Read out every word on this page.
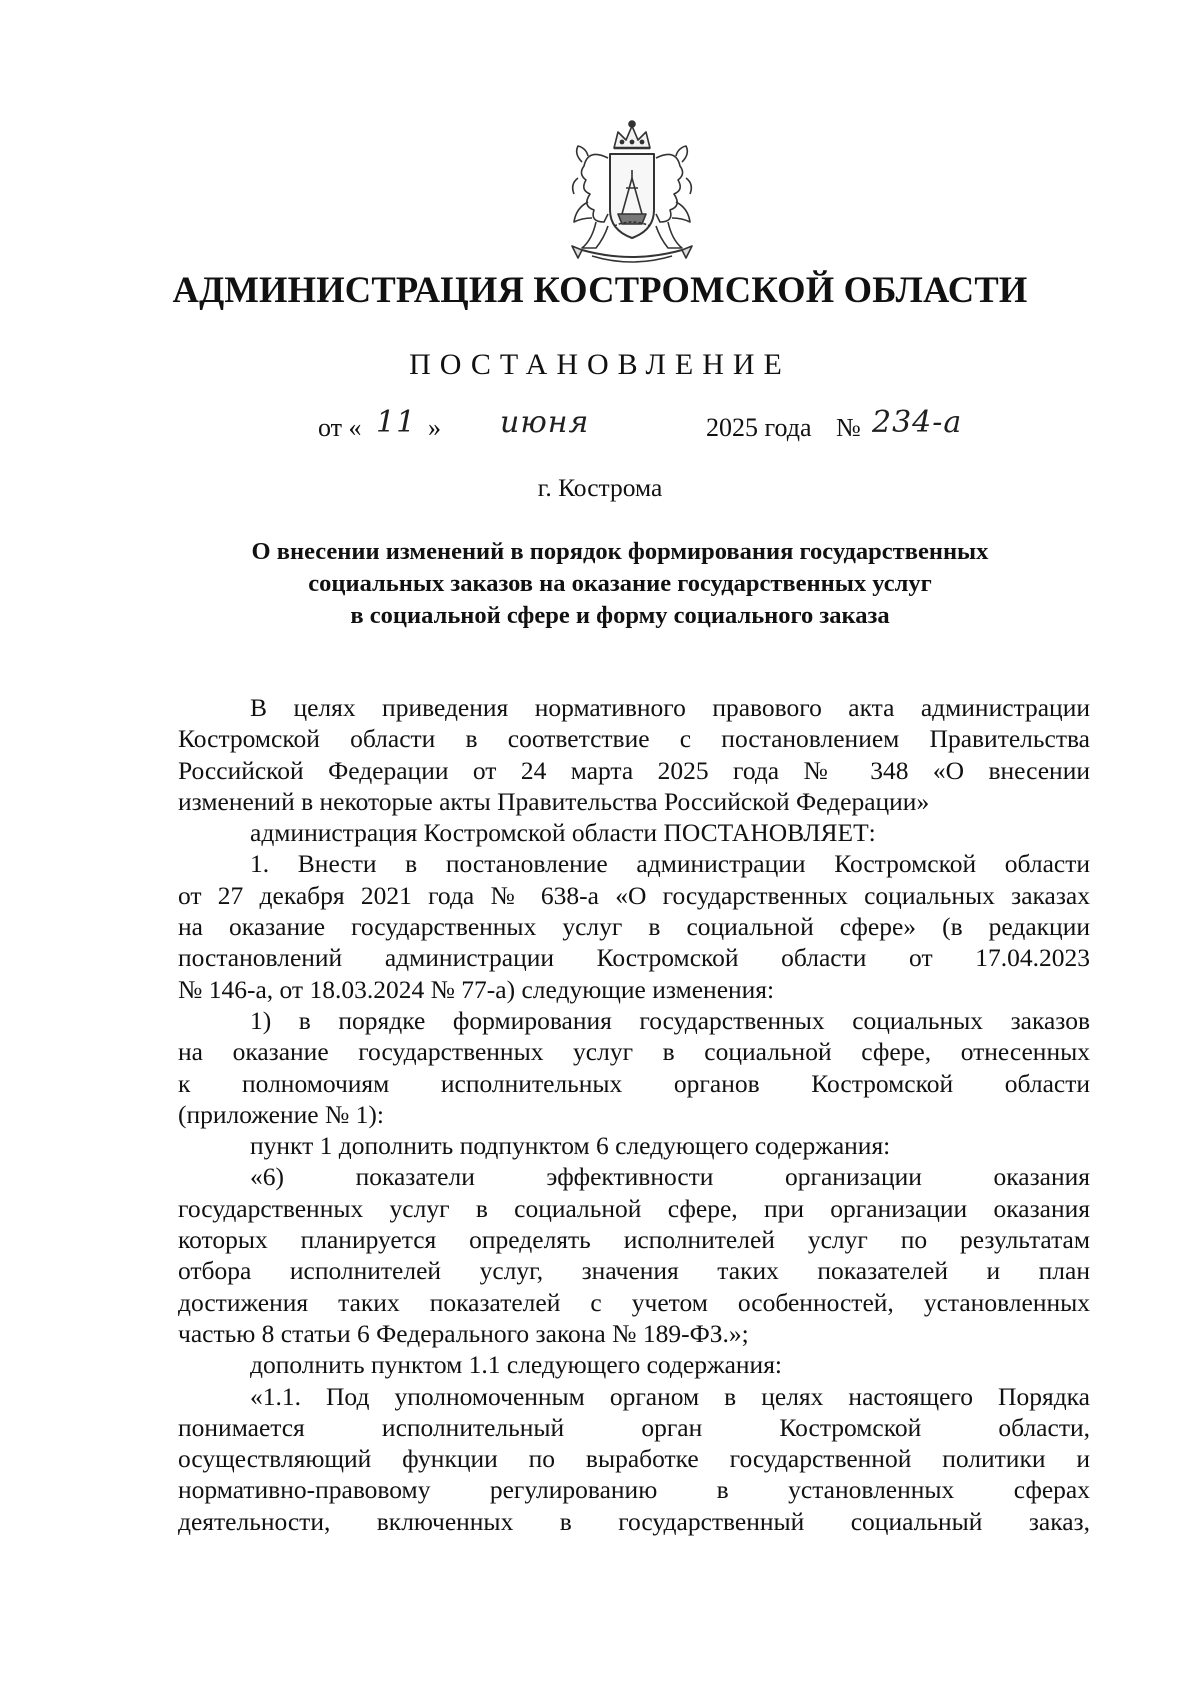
АДМИНИСТРАЦИЯ КОСТРОМСКОЙ ОБЛАСТИ
ПОСТАНОВЛЕНИЕ
от « 11 » июня	2025 года № 234-а
г. Кострома
О внесении изменений в порядок формирования государственных
социальных заказов на оказание государственных услуг
в социальной сфере и форму социального заказа
В целях приведения нормативного правового акта администрации
Костромской области в соответствие с постановлением Правительства
Российской Федерации от 24 марта 2025 года № 348 «О внесении
изменений в некоторые акты Правительства Российской Федерации»
администрация Костромской области ПОСТАНОВЛЯЕТ:
1. Внести в постановление администрации Костромской области
от 27 декабря 2021 года № 638-а «О государственных социальных заказах
на оказание государственных услуг в социальной сфере» (в редакции
постановлений администрации Костромской области от 17.04.2023
№ 146-а, от 18.03.2024 № 77-а) следующие изменения:
1) в порядке формирования государственных социальных заказов
на оказание государственных услуг в социальной сфере, отнесенных
к полномочиям исполнительных органов Костромской области
(приложение № 1):
пункт 1 дополнить подпунктом 6 следующего содержания:
«6) показатели эффективности организации оказания
государственных услуг в социальной сфере, при организации оказания
которых планируется определять исполнителей услуг по результатам
отбора исполнителей услуг, значения таких показателей и план
достижения таких показателей с учетом особенностей, установленных
частью 8 статьи 6 Федерального закона № 189-ФЗ.»;
дополнить пунктом 1.1 следующего содержания:
«1.1. Под уполномоченным органом в целях настоящего Порядка
понимается исполнительный орган Костромской области,
осуществляющий функции по выработке государственной политики и
нормативно-правовому регулированию в установленных сферах
деятельности, включенных в государственный социальный заказ,
